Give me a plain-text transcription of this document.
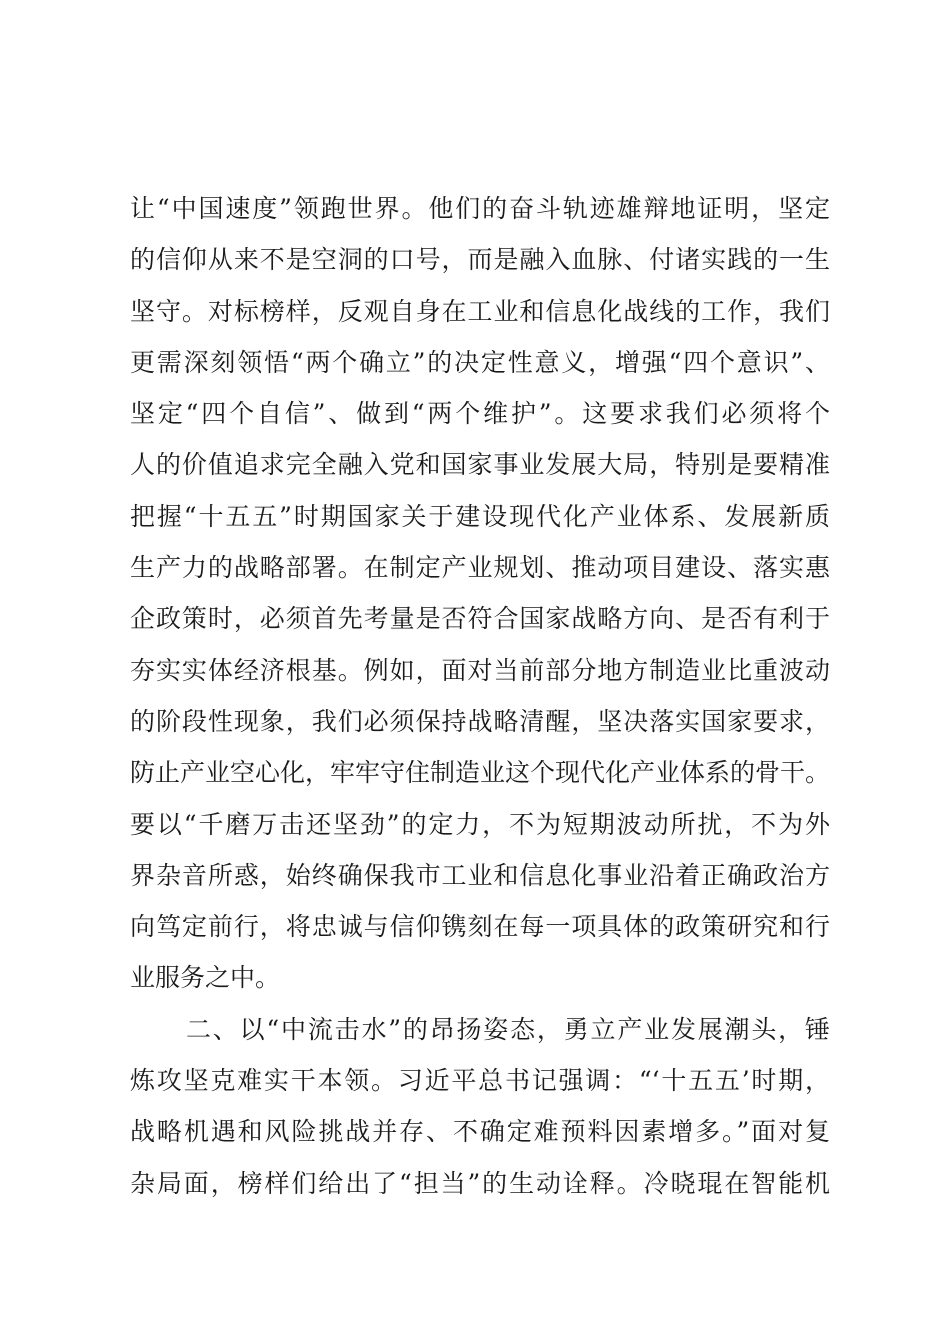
让“中国速度”领跑世界。他们的奋斗轨迹雄辩地证明，坚定
的信仰从来不是空洞的口号，而是融入血脉、付诸实践的一生
坚守。对标榜样，反观自身在工业和信息化战线的工作，我们
更需深刻领悟“两个确立”的决定性意义，增强“四个意识”、
坚定“四个自信”、做到“两个维护”。这要求我们必须将个
人的价值追求完全融入党和国家事业发展大局，特别是要精准
把握“十五五”时期国家关于建设现代化产业体系、发展新质
生产力的战略部署。在制定产业规划、推动项目建设、落实惠
企政策时，必须首先考量是否符合国家战略方向、是否有利于
夯实实体经济根基。例如，面对当前部分地方制造业比重波动
的阶段性现象，我们必须保持战略清醒，坚决落实国家要求，
防止产业空心化，牢牢守住制造业这个现代化产业体系的骨干。
要以“千磨万击还坚劲”的定力，不为短期波动所扰，不为外
界杂音所惑，始终确保我市工业和信息化事业沿着正确政治方
向笃定前行，将忠诚与信仰镌刻在每一项具体的政策研究和行
业服务之中。
二、以“中流击水”的昂扬姿态，勇立产业发展潮头，锤
炼攻坚克难实干本领。习近平总书记强调：“‘十五五’时期，
战略机遇和风险挑战并存、不确定难预料因素增多。”面对复
杂局面，榜样们给出了“担当”的生动诠释。冷晓琨在智能机
